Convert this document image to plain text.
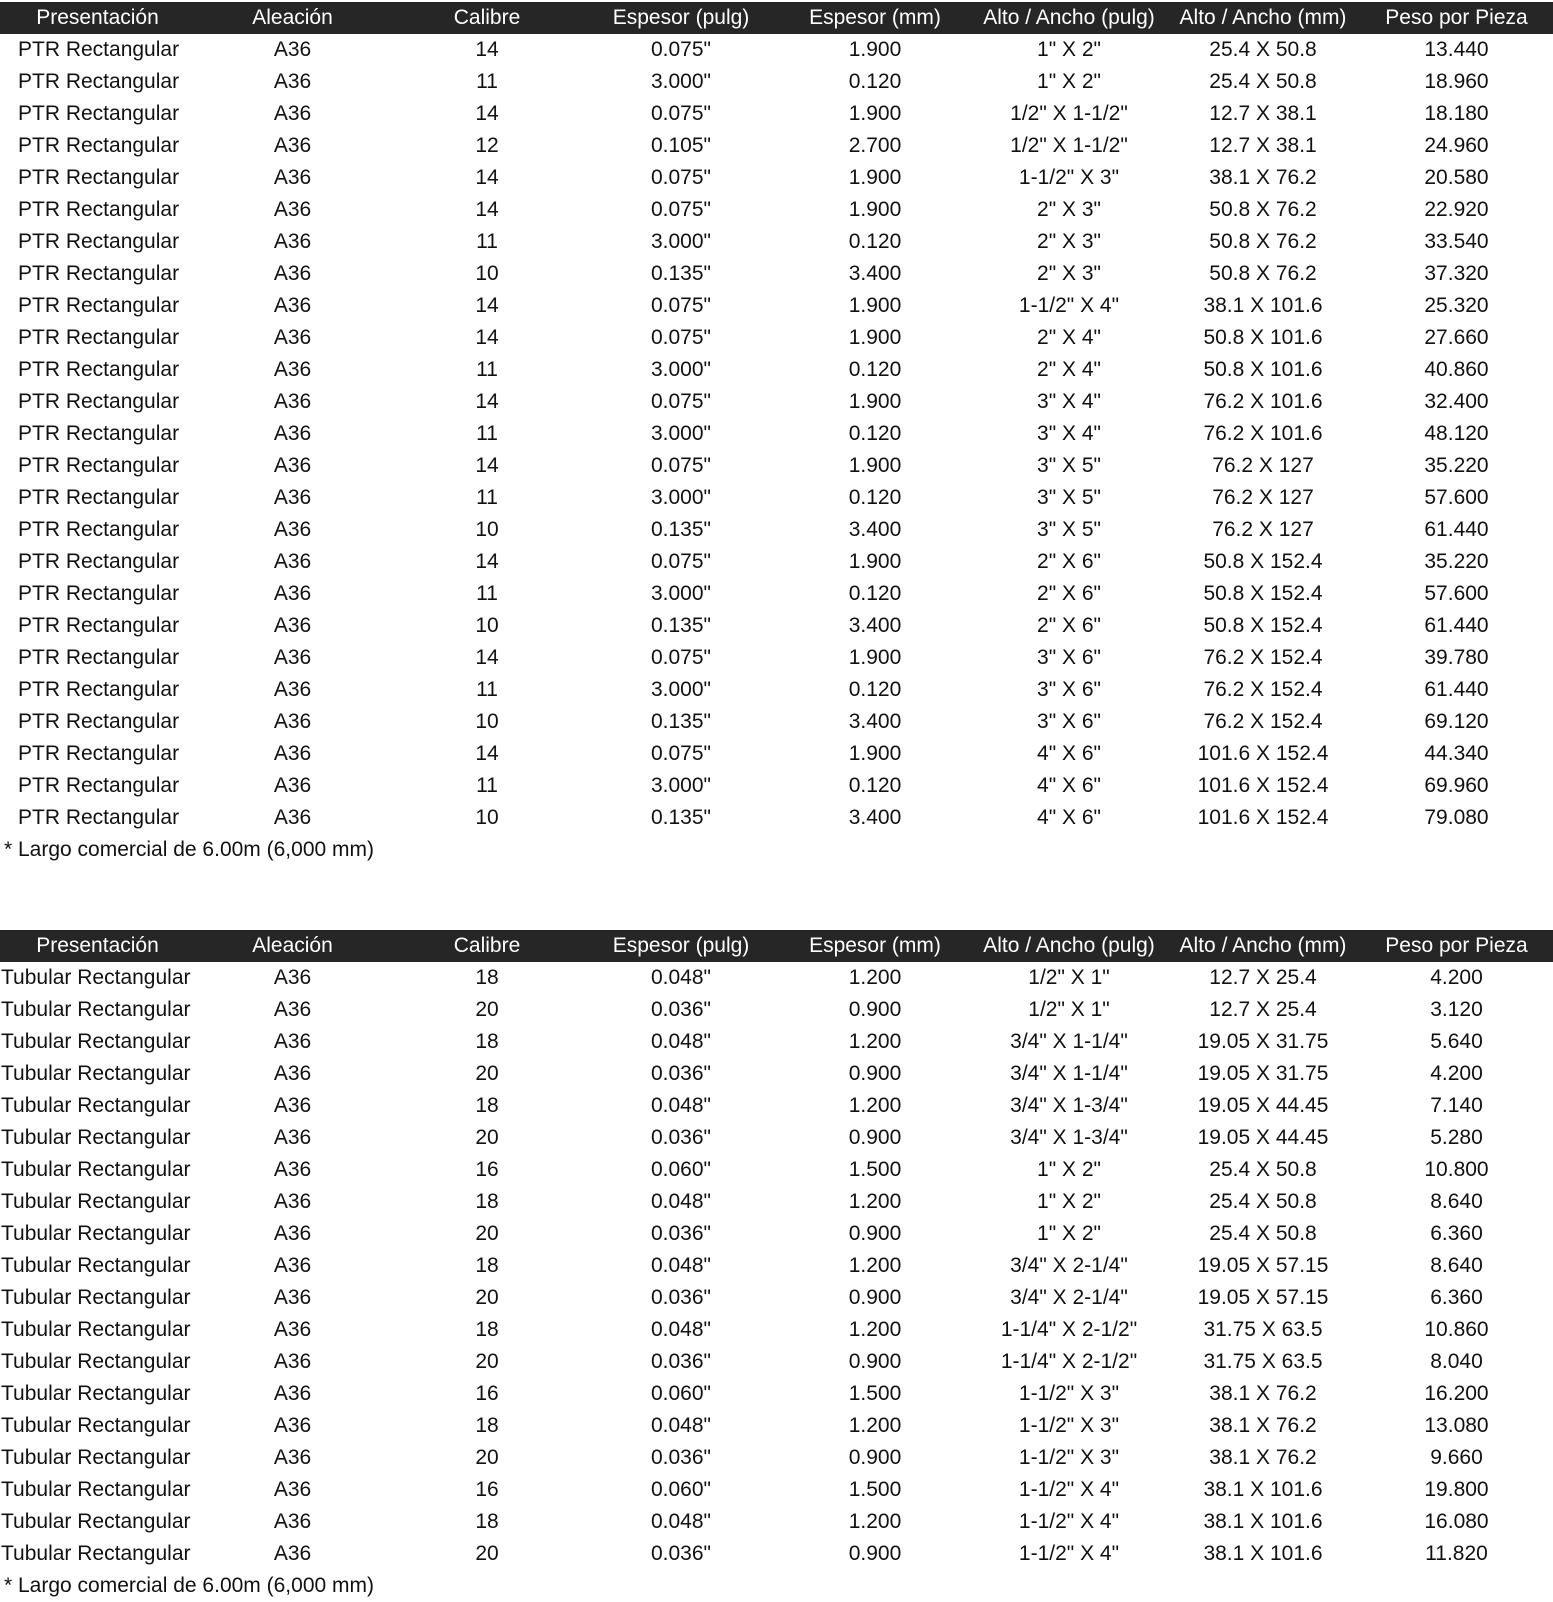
Presentación	Aleación	Calibre	Espesor (pulg)	Espesor (mm)	Alto / Ancho (pulg)	Alto / Ancho (mm)	Peso por Pieza
PTR Rectangular	A36	14	0.075"	1.900	1" X 2"	25.4 X 50.8	13.440
PTR Rectangular	A36	11	3.000"	0.120	1" X 2"	25.4 X 50.8	18.960
PTR Rectangular	A36	14	0.075"	1.900	1/2" X 1-1/2"	12.7 X 38.1	18.180
PTR Rectangular	A36	12	0.105"	2.700	1/2" X 1-1/2"	12.7 X 38.1	24.960
PTR Rectangular	A36	14	0.075"	1.900	1-1/2" X 3"	38.1 X 76.2	20.580
PTR Rectangular	A36	14	0.075"	1.900	2" X 3"	50.8 X 76.2	22.920
PTR Rectangular	A36	11	3.000"	0.120	2" X 3"	50.8 X 76.2	33.540
PTR Rectangular	A36	10	0.135"	3.400	2" X 3"	50.8 X 76.2	37.320
PTR Rectangular	A36	14	0.075"	1.900	1-1/2" X 4"	38.1 X 101.6	25.320
PTR Rectangular	A36	14	0.075"	1.900	2" X 4"	50.8 X 101.6	27.660
PTR Rectangular	A36	11	3.000"	0.120	2" X 4"	50.8 X 101.6	40.860
PTR Rectangular	A36	14	0.075"	1.900	3" X 4"	76.2 X 101.6	32.400
PTR Rectangular	A36	11	3.000"	0.120	3" X 4"	76.2 X 101.6	48.120
PTR Rectangular	A36	14	0.075"	1.900	3" X 5"	76.2 X 127	35.220
PTR Rectangular	A36	11	3.000"	0.120	3" X 5"	76.2 X 127	57.600
PTR Rectangular	A36	10	0.135"	3.400	3" X 5"	76.2 X 127	61.440
PTR Rectangular	A36	14	0.075"	1.900	2" X 6"	50.8 X 152.4	35.220
PTR Rectangular	A36	11	3.000"	0.120	2" X 6"	50.8 X 152.4	57.600
PTR Rectangular	A36	10	0.135"	3.400	2" X 6"	50.8 X 152.4	61.440
PTR Rectangular	A36	14	0.075"	1.900	3" X 6"	76.2 X 152.4	39.780
PTR Rectangular	A36	11	3.000"	0.120	3" X 6"	76.2 X 152.4	61.440
PTR Rectangular	A36	10	0.135"	3.400	3" X 6"	76.2 X 152.4	69.120
PTR Rectangular	A36	14	0.075"	1.900	4" X 6"	101.6 X 152.4	44.340
PTR Rectangular	A36	11	3.000"	0.120	4" X 6"	101.6 X 152.4	69.960
PTR Rectangular	A36	10	0.135"	3.400	4" X 6"	101.6 X 152.4	79.080
* Largo comercial de 6.00m (6,000 mm)
Presentación	Aleación	Calibre	Espesor (pulg)	Espesor (mm)	Alto / Ancho (pulg)	Alto / Ancho (mm)	Peso por Pieza
Tubular Rectangular	A36	18	0.048"	1.200	1/2" X 1"	12.7 X 25.4	4.200
Tubular Rectangular	A36	20	0.036"	0.900	1/2" X 1"	12.7 X 25.4	3.120
Tubular Rectangular	A36	18	0.048"	1.200	3/4" X 1-1/4"	19.05 X 31.75	5.640
Tubular Rectangular	A36	20	0.036"	0.900	3/4" X 1-1/4"	19.05 X 31.75	4.200
Tubular Rectangular	A36	18	0.048"	1.200	3/4" X 1-3/4"	19.05 X 44.45	7.140
Tubular Rectangular	A36	20	0.036"	0.900	3/4" X 1-3/4"	19.05 X 44.45	5.280
Tubular Rectangular	A36	16	0.060"	1.500	1" X 2"	25.4 X 50.8	10.800
Tubular Rectangular	A36	18	0.048"	1.200	1" X 2"	25.4 X 50.8	8.640
Tubular Rectangular	A36	20	0.036"	0.900	1" X 2"	25.4 X 50.8	6.360
Tubular Rectangular	A36	18	0.048"	1.200	3/4" X 2-1/4"	19.05 X 57.15	8.640
Tubular Rectangular	A36	20	0.036"	0.900	3/4" X 2-1/4"	19.05 X 57.15	6.360
Tubular Rectangular	A36	18	0.048"	1.200	1-1/4" X 2-1/2"	31.75 X 63.5	10.860
Tubular Rectangular	A36	20	0.036"	0.900	1-1/4" X 2-1/2"	31.75 X 63.5	8.040
Tubular Rectangular	A36	16	0.060"	1.500	1-1/2" X 3"	38.1 X 76.2	16.200
Tubular Rectangular	A36	18	0.048"	1.200	1-1/2" X 3"	38.1 X 76.2	13.080
Tubular Rectangular	A36	20	0.036"	0.900	1-1/2" X 3"	38.1 X 76.2	9.660
Tubular Rectangular	A36	16	0.060"	1.500	1-1/2" X 4"	38.1 X 101.6	19.800
Tubular Rectangular	A36	18	0.048"	1.200	1-1/2" X 4"	38.1 X 101.6	16.080
Tubular Rectangular	A36	20	0.036"	0.900	1-1/2" X 4"	38.1 X 101.6	11.820
* Largo comercial de 6.00m (6,000 mm)
